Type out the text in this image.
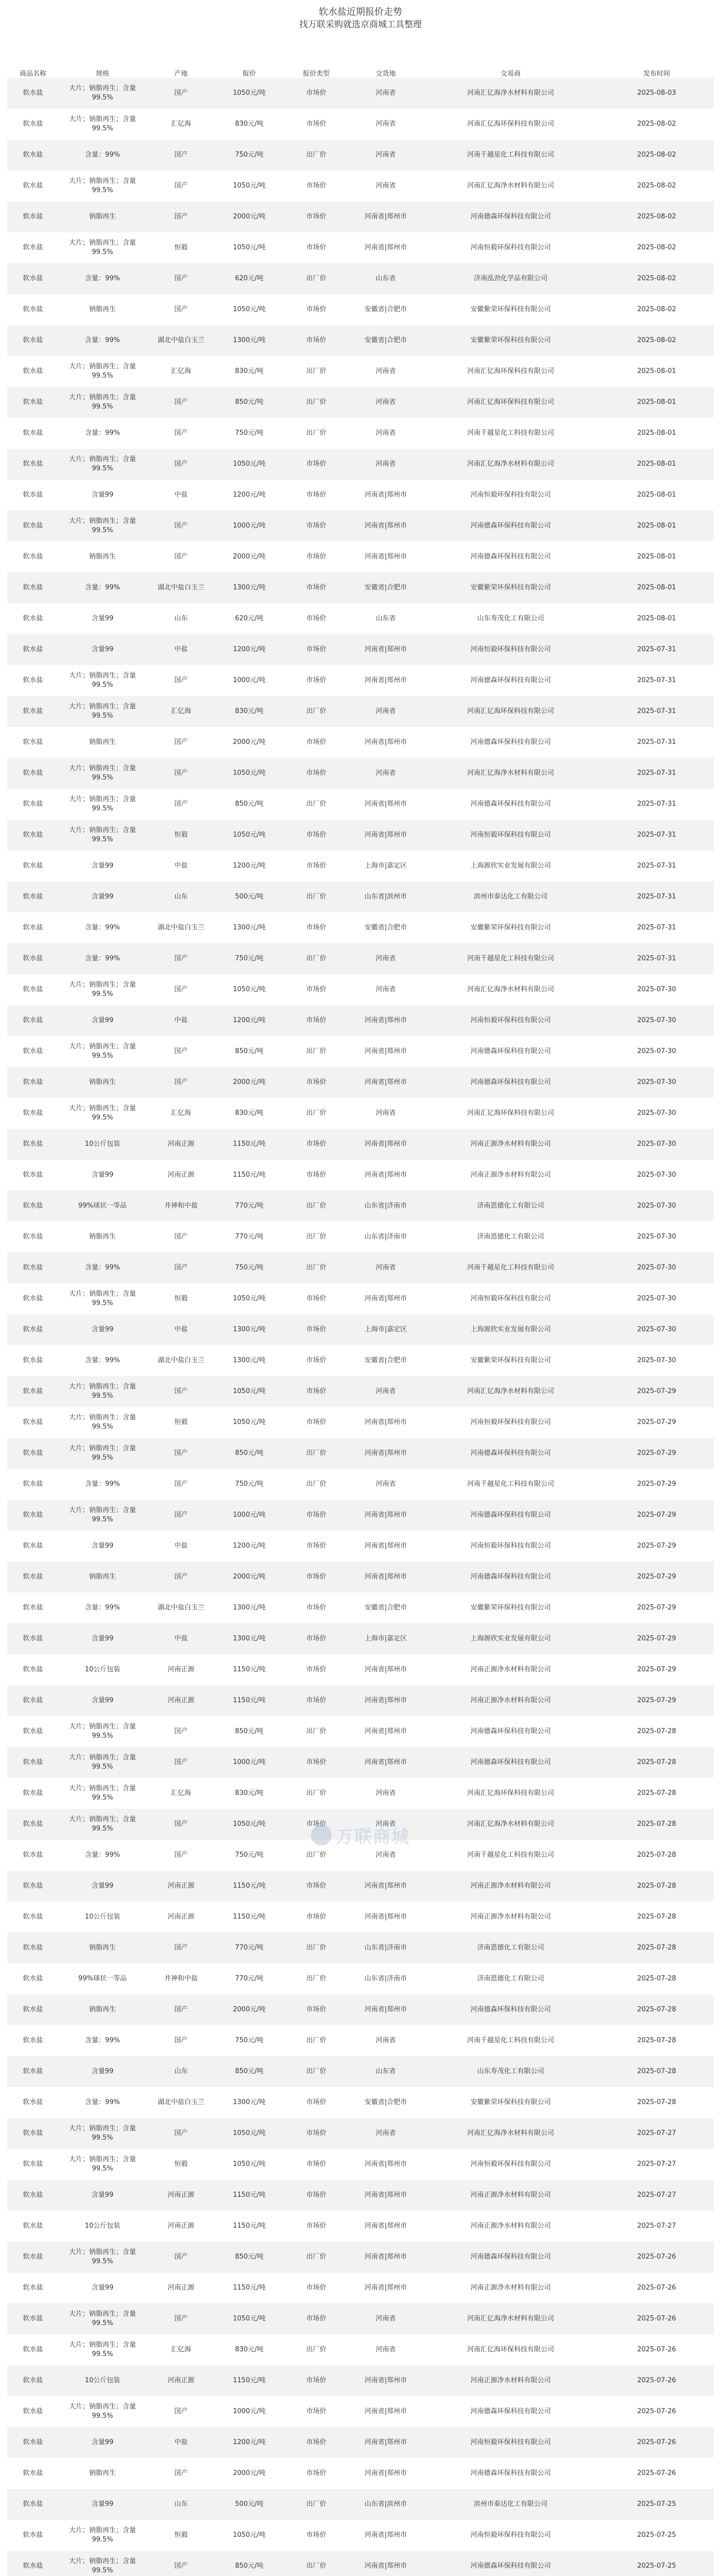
软水盐近期报价走势
找万联采购就选京商城工具整理
商品名称	规格	产地	报价	报价类型	交货地	交易商	发布时间
软水盐	大片；钠脂再生；含量99.5%	国产	1050元/吨	市场价	河南省	河南汇亿海净水材料有限公司	2025-08-03
软水盐	大片；钠脂再生；含量99.5%	汇亿海	830元/吨	市场价	河南省	河南汇亿海环保科技有限公司	2025-08-02
软水盐	含量：99%	国产	750元/吨	出厂价	河南省	河南千越星化工科技有限公司	2025-08-02
软水盐	大片；钠脂再生；含量99.5%	国产	1050元/吨	市场价	河南省	河南汇亿海净水材料有限公司	2025-08-02
软水盐	钠脂再生	国产	2000元/吨	市场价	河南省|郑州市	河南德森环保科技有限公司	2025-08-02
软水盐	大片；钠脂再生；含量99.5%	恒毅	1050元/吨	市场价	河南省|郑州市	河南恒毅环保科技有限公司	2025-08-02
软水盐	含量：99%	国产	620元/吨	出厂价	山东省	济南泓劲化学品有限公司	2025-08-02
软水盐	钠脂再生	国产	1050元/吨	市场价	安徽省|合肥市	安徽紫荣环保科技有限公司	2025-08-02
软水盐	含量：99%	湖北中盐白玉兰	1300元/吨	市场价	安徽省|合肥市	安徽紫荣环保科技有限公司	2025-08-02
软水盐	大片；钠脂再生；含量99.5%	汇亿海	830元/吨	出厂价	河南省	河南汇亿海环保科技有限公司	2025-08-01
软水盐	大片；钠脂再生；含量99.5%	国产	850元/吨	出厂价	河南省	河南汇亿海环保科技有限公司	2025-08-01
软水盐	含量：99%	国产	750元/吨	出厂价	河南省	河南千越星化工科技有限公司	2025-08-01
软水盐	大片；钠脂再生；含量99.5%	国产	1050元/吨	市场价	河南省	河南汇亿海净水材料有限公司	2025-08-01
软水盐	含量99	中盐	1200元/吨	市场价	河南省|郑州市	河南恒毅环保科技有限公司	2025-08-01
软水盐	大片；钠脂再生；含量99.5%	国产	1000元/吨	市场价	河南省|郑州市	河南德森环保科技有限公司	2025-08-01
软水盐	钠脂再生	国产	2000元/吨	市场价	河南省|郑州市	河南德森环保科技有限公司	2025-08-01
软水盐	含量：99%	湖北中盐白玉兰	1300元/吨	市场价	安徽省|合肥市	安徽紫荣环保科技有限公司	2025-08-01
软水盐	含量99	山东	620元/吨	市场价	山东省	山东寿茂化工有限公司	2025-08-01
软水盐	含量99	中盐	1200元/吨	市场价	河南省|郑州市	河南恒毅环保科技有限公司	2025-07-31
软水盐	大片；钠脂再生；含量99.5%	国产	1000元/吨	市场价	河南省|郑州市	河南德森环保科技有限公司	2025-07-31
软水盐	大片；钠脂再生；含量99.5%	汇亿海	830元/吨	出厂价	河南省	河南汇亿海环保科技有限公司	2025-07-31
软水盐	钠脂再生	国产	2000元/吨	市场价	河南省|郑州市	河南德森环保科技有限公司	2025-07-31
软水盐	大片；钠脂再生；含量99.5%	国产	1050元/吨	市场价	河南省	河南汇亿海净水材料有限公司	2025-07-31
软水盐	大片；钠脂再生；含量99.5%	国产	850元/吨	出厂价	河南省|郑州市	河南德森环保科技有限公司	2025-07-31
软水盐	大片；钠脂再生；含量99.5%	恒毅	1050元/吨	市场价	河南省|郑州市	河南恒毅环保科技有限公司	2025-07-31
软水盐	含量99	中盐	1200元/吨	市场价	上海市|嘉定区	上海源欣实业发展有限公司	2025-07-31
软水盐	含量99	山东	500元/吨	出厂价	山东省|滨州市	滨州市泰达化工有限公司	2025-07-31
软水盐	含量：99%	湖北中盐白玉兰	1300元/吨	市场价	安徽省|合肥市	安徽紫荣环保科技有限公司	2025-07-31
软水盐	含量：99%	国产	750元/吨	出厂价	河南省	河南千越星化工科技有限公司	2025-07-31
软水盐	大片；钠脂再生；含量99.5%	国产	1050元/吨	市场价	河南省	河南汇亿海净水材料有限公司	2025-07-30
软水盐	含量99	中盐	1200元/吨	市场价	河南省|郑州市	河南恒毅环保科技有限公司	2025-07-30
软水盐	大片；钠脂再生；含量99.5%	国产	850元/吨	出厂价	河南省|郑州市	河南德森环保科技有限公司	2025-07-30
软水盐	钠脂再生	国产	2000元/吨	市场价	河南省|郑州市	河南德森环保科技有限公司	2025-07-30
软水盐	大片；钠脂再生；含量99.5%	汇亿海	830元/吨	出厂价	河南省	河南汇亿海环保科技有限公司	2025-07-30
软水盐	10公斤包装	河南正源	1150元/吨	市场价	河南省|郑州市	河南正源净水材料有限公司	2025-07-30
软水盐	含量99	河南正源	1150元/吨	市场价	河南省|郑州市	河南正源净水材料有限公司	2025-07-30
软水盐	99%球状一等品	井神和中盐	770元/吨	出厂价	山东省|济南市	济南恩德化工有限公司	2025-07-30
软水盐	钠脂再生	国产	770元/吨	出厂价	山东省|济南市	济南恩德化工有限公司	2025-07-30
软水盐	含量：99%	国产	750元/吨	出厂价	河南省	河南千越星化工科技有限公司	2025-07-30
软水盐	大片；钠脂再生；含量99.5%	恒毅	1050元/吨	市场价	河南省|郑州市	河南恒毅环保科技有限公司	2025-07-30
软水盐	含量99	中盐	1300元/吨	市场价	上海市|嘉定区	上海源欣实业发展有限公司	2025-07-30
软水盐	含量：99%	湖北中盐白玉兰	1300元/吨	市场价	安徽省|合肥市	安徽紫荣环保科技有限公司	2025-07-30
软水盐	大片；钠脂再生；含量99.5%	国产	1050元/吨	市场价	河南省	河南汇亿海净水材料有限公司	2025-07-29
软水盐	大片；钠脂再生；含量99.5%	恒毅	1050元/吨	市场价	河南省|郑州市	河南恒毅环保科技有限公司	2025-07-29
软水盐	大片；钠脂再生；含量99.5%	国产	850元/吨	出厂价	河南省|郑州市	河南德森环保科技有限公司	2025-07-29
软水盐	含量：99%	国产	750元/吨	出厂价	河南省	河南千越星化工科技有限公司	2025-07-29
软水盐	大片；钠脂再生；含量99.5%	国产	1000元/吨	市场价	河南省|郑州市	河南德森环保科技有限公司	2025-07-29
软水盐	含量99	中盐	1200元/吨	市场价	河南省|郑州市	河南恒毅环保科技有限公司	2025-07-29
软水盐	钠脂再生	国产	2000元/吨	市场价	河南省|郑州市	河南德森环保科技有限公司	2025-07-29
软水盐	含量：99%	湖北中盐白玉兰	1300元/吨	市场价	安徽省|合肥市	安徽紫荣环保科技有限公司	2025-07-29
软水盐	含量99	中盐	1300元/吨	市场价	上海市|嘉定区	上海源欣实业发展有限公司	2025-07-29
软水盐	10公斤包装	河南正源	1150元/吨	市场价	河南省|郑州市	河南正源净水材料有限公司	2025-07-29
软水盐	含量99	河南正源	1150元/吨	市场价	河南省|郑州市	河南正源净水材料有限公司	2025-07-29
软水盐	大片；钠脂再生；含量99.5%	国产	850元/吨	出厂价	河南省|郑州市	河南德森环保科技有限公司	2025-07-28
软水盐	大片；钠脂再生；含量99.5%	国产	1000元/吨	市场价	河南省|郑州市	河南德森环保科技有限公司	2025-07-28
软水盐	大片；钠脂再生；含量99.5%	汇亿海	830元/吨	出厂价	河南省	河南汇亿海环保科技有限公司	2025-07-28
软水盐	大片；钠脂再生；含量99.5%	国产	1050元/吨	市场价	河南省	河南汇亿海净水材料有限公司	2025-07-28
软水盐	含量：99%	国产	750元/吨	出厂价	河南省	河南千越星化工科技有限公司	2025-07-28
软水盐	含量99	河南正源	1150元/吨	市场价	河南省|郑州市	河南正源净水材料有限公司	2025-07-28
软水盐	10公斤包装	河南正源	1150元/吨	市场价	河南省|郑州市	河南正源净水材料有限公司	2025-07-28
软水盐	钠脂再生	国产	770元/吨	出厂价	山东省|济南市	济南恩德化工有限公司	2025-07-28
软水盐	99%球状一等品	井神和中盐	770元/吨	出厂价	山东省|济南市	济南恩德化工有限公司	2025-07-28
软水盐	钠脂再生	国产	2000元/吨	市场价	河南省|郑州市	河南德森环保科技有限公司	2025-07-28
软水盐	含量：99%	国产	750元/吨	出厂价	河南省	河南千越星化工科技有限公司	2025-07-28
软水盐	含量99	山东	850元/吨	出厂价	山东省	山东寿茂化工有限公司	2025-07-28
软水盐	含量：99%	湖北中盐白玉兰	1300元/吨	市场价	安徽省|合肥市	安徽紫荣环保科技有限公司	2025-07-28
软水盐	大片；钠脂再生；含量99.5%	国产	1050元/吨	市场价	河南省	河南汇亿海净水材料有限公司	2025-07-27
软水盐	大片；钠脂再生；含量99.5%	恒毅	1050元/吨	市场价	河南省|郑州市	河南恒毅环保科技有限公司	2025-07-27
软水盐	含量99	河南正源	1150元/吨	市场价	河南省|郑州市	河南正源净水材料有限公司	2025-07-27
软水盐	10公斤包装	河南正源	1150元/吨	市场价	河南省|郑州市	河南正源净水材料有限公司	2025-07-27
软水盐	大片；钠脂再生；含量99.5%	国产	850元/吨	出厂价	河南省|郑州市	河南德森环保科技有限公司	2025-07-26
软水盐	含量99	河南正源	1150元/吨	市场价	河南省|郑州市	河南正源净水材料有限公司	2025-07-26
软水盐	大片；钠脂再生；含量99.5%	国产	1050元/吨	市场价	河南省	河南汇亿海净水材料有限公司	2025-07-26
软水盐	大片；钠脂再生；含量99.5%	汇亿海	830元/吨	出厂价	河南省	河南汇亿海环保科技有限公司	2025-07-26
软水盐	10公斤包装	河南正源	1150元/吨	市场价	河南省|郑州市	河南正源净水材料有限公司	2025-07-26
软水盐	大片；钠脂再生；含量99.5%	国产	1000元/吨	市场价	河南省|郑州市	河南德森环保科技有限公司	2025-07-26
软水盐	含量99	中盐	1200元/吨	市场价	河南省|郑州市	河南恒毅环保科技有限公司	2025-07-26
软水盐	钠脂再生	国产	2000元/吨	市场价	河南省|郑州市	河南德森环保科技有限公司	2025-07-26
软水盐	含量99	山东	500元/吨	出厂价	山东省|滨州市	滨州市泰达化工有限公司	2025-07-25
软水盐	大片；钠脂再生；含量99.5%	恒毅	1050元/吨	市场价	河南省|郑州市	河南恒毅环保科技有限公司	2025-07-25
软水盐	大片；钠脂再生；含量99.5%	国产	850元/吨	出厂价	河南省|郑州市	河南德森环保科技有限公司	2025-07-25

万联商城
